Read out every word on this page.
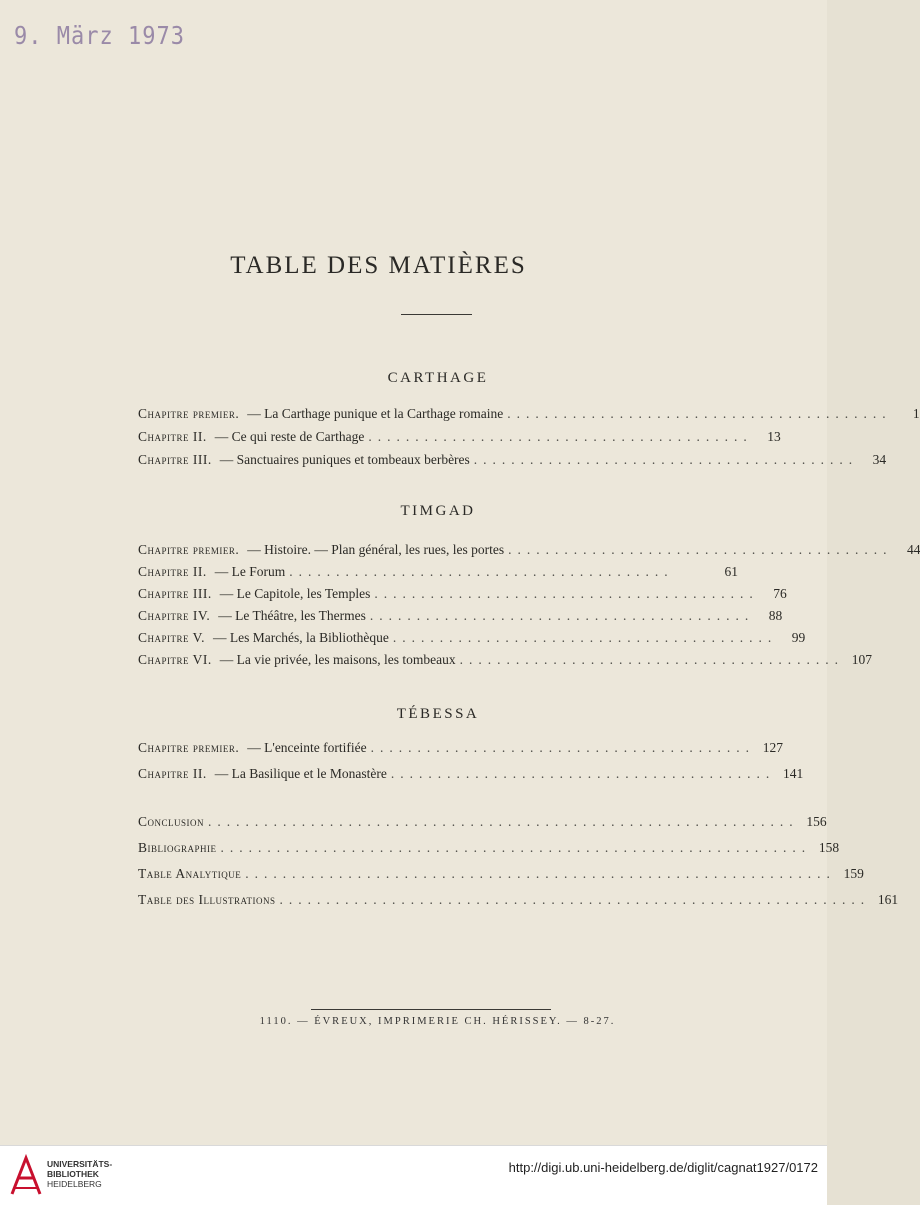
9. März 1973
TABLE DES MATIÈRES
CARTHAGE
Chapitre premier. — La Carthage punique et la Carthage romaine .........................................	1
Chapitre II. — Ce qui reste de Carthage .........................................	13
Chapitre III. — Sanctuaires puniques et tombeaux berbères .........................................	34
TIMGAD
Chapitre premier. — Histoire. — Plan général, les rues, les portes .........................................	44
Chapitre II. — Le Forum .........................................	61
Chapitre III. — Le Capitole, les Temples .........................................	76
Chapitre IV. — Le Théâtre, les Thermes .........................................	88
Chapitre V. — Les Marchés, la Bibliothèque .........................................	99
Chapitre VI. — La vie privée, les maisons, les tombeaux ......................................... 107
TÉBESSA
Chapitre premier. — L'enceinte fortifiée ......................................... 127
Chapitre II. — La Basilique et le Monastère ......................................... 141
Conclusion ............................................................... 156
Bibliographie ............................................................... 158
Table Analytique ............................................................... 159
Table des Illustrations ............................................................... 161
1110. — ÉVREUX, IMPRIMERIE CH. HÉRISSEY. — 8-27.
UNIVERSITÄTS-
BIBLIOTHEK
HEIDELBERG
http://digi.ub.uni-heidelberg.de/diglit/cagnat1927/0172
